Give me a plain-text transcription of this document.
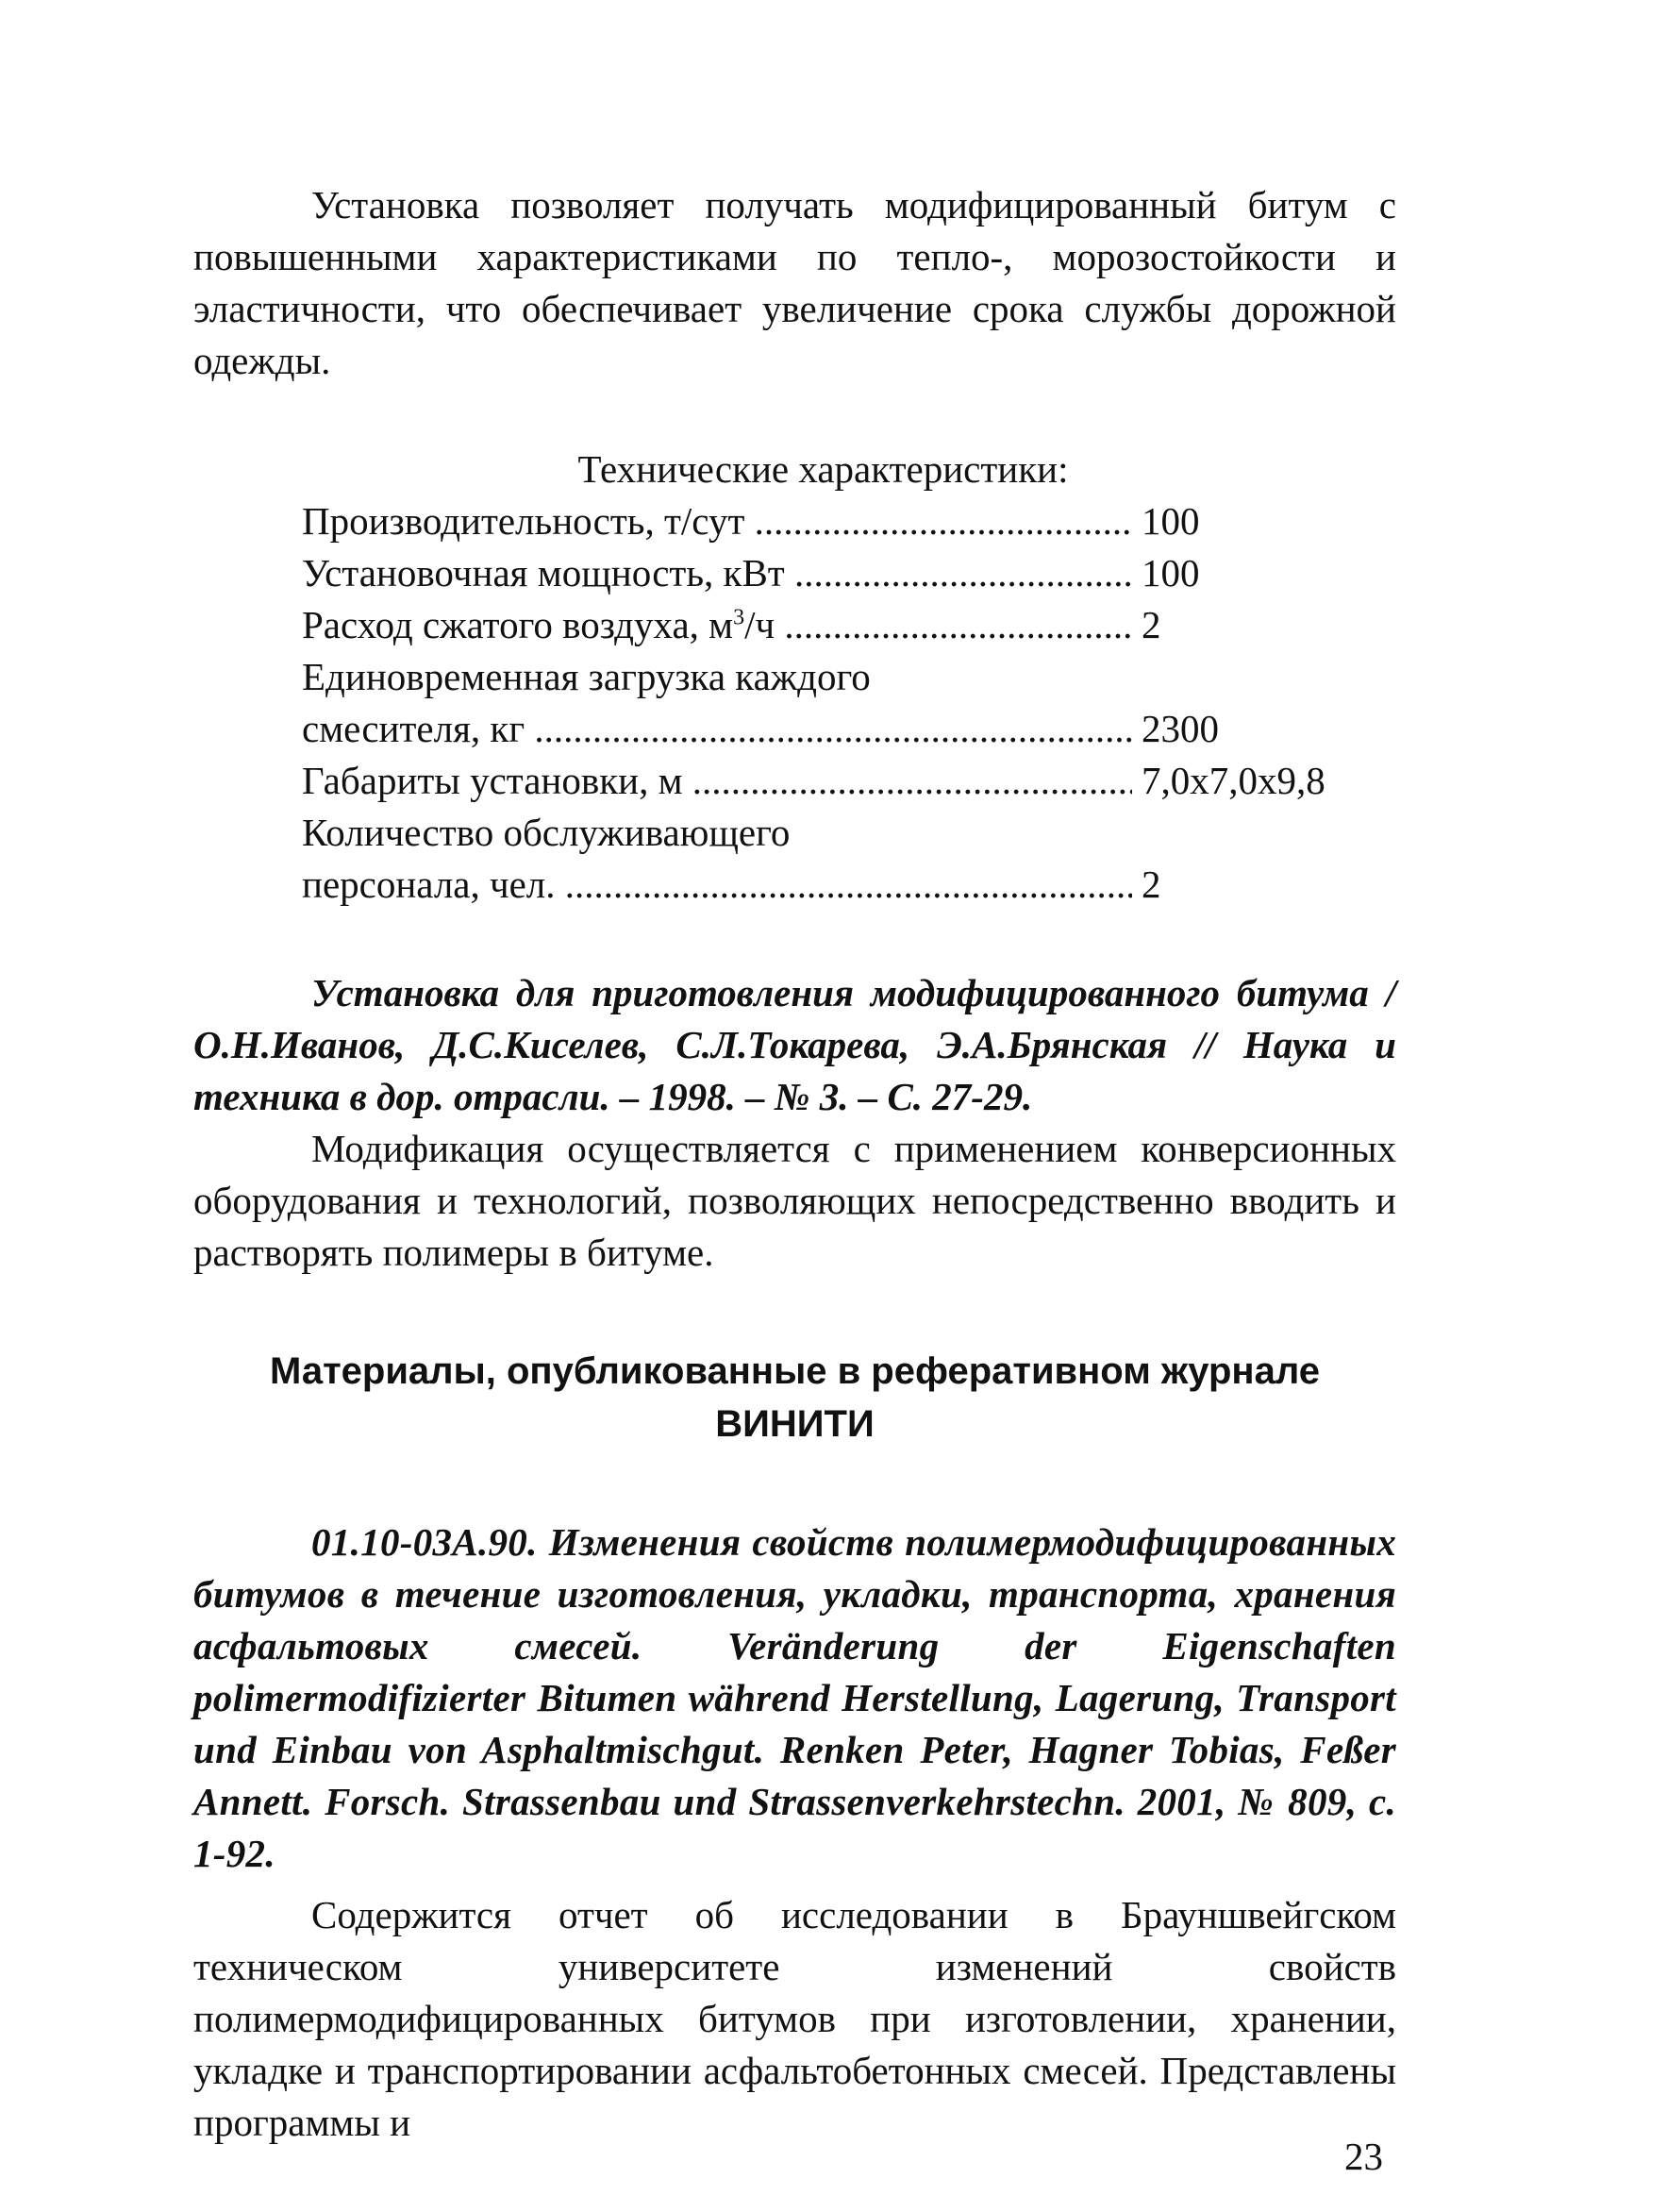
Установка позволяет получать модифицированный битум с повышенными характеристиками по тепло-, морозостойкости и эластичности, что обеспечивает увеличение срока службы дорожной одежды.

Технические характеристики:
Производительность, т/сут .....	100
Установочная мощность, кВт .....	100
Расход сжатого воздуха, $м^3/ч$ .....	2
Единовременная загрузка каждого
смесителя, кг .....	2300
Габариты установки, м .....	7,0х7,0х9,8
Количество обслуживающего
персонала, чел. .....	2

Установка для приготовления модифицированного битума /О.Н.Иванов, Д.С.Киселев, С.Л.Токарева, Э.А.Брянская // Наука и техника в дор. отрасли. – 1998. – № 3. – С. 27-29.

Модификация осуществляется с применением конверсионных оборудования и технологий, позволяющих непосредственно вводить и растворять полимеры в битуме.

Материалы, опубликованные в реферативном журнале
ВИНИТИ

01.10-03А.90. Изменения свойств полимермодифицированных битумов в течение изготовления, укладки, транспорта, хранения асфальтовых смесей. Veränderung der Eigenschaften polimermodifizierter Bitumen während Herstellung, Lagerung, Transport und Einbau von Asphaltmischgut. Renken Peter, Hagner Tobias, Feßer Annett. Forsch. Strassenbau und Strassenverkehrstechn. 2001, № 809, с. 1-92.

Содержится отчет об исследовании в Брауншвейгском техническом университете изменений свойств полимермодифицированных битумов при изготовлении, хранении, укладке и транспортировании асфальтобетонных смесей. Представлены программы и

23
